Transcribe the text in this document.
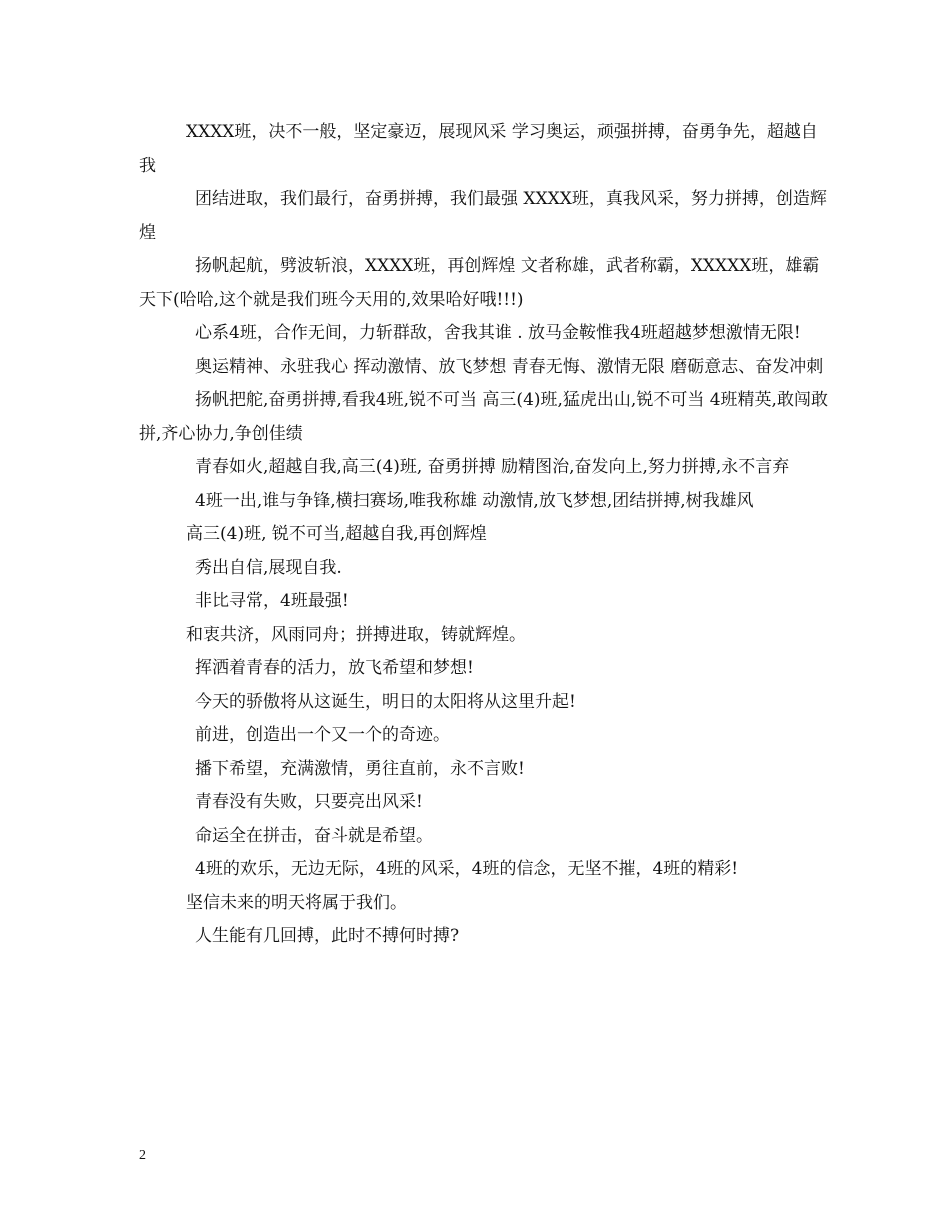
XXXX班，决不一般，坚定豪迈，展现风采 学习奥运，顽强拼搏，奋勇争先，超越自我

团结进取，我们最行，奋勇拼搏，我们最强 XXXX班，真我风采，努力拼搏，创造辉煌

扬帆起航，劈波斩浪，XXXX班，再创辉煌 文者称雄，武者称霸，XXXXX班，雄霸天下(哈哈,这个就是我们班今天用的,效果哈好哦!!!)

心系4班，合作无间，力斩群敌，舍我其谁 . 放马金鞍惟我4班超越梦想激情无限!

奥运精神、永驻我心 挥动激情、放飞梦想 青春无悔、激情无限 磨砺意志、奋发冲刺

扬帆把舵,奋勇拼搏,看我4班,锐不可当 高三(4)班,猛虎出山,锐不可当 4班精英,敢闯敢拼,齐心协力,争创佳绩

青春如火,超越自我,高三(4)班, 奋勇拼搏 励精图治,奋发向上,努力拼搏,永不言弃

4班一出,谁与争锋,横扫赛场,唯我称雄 动激情,放飞梦想,团结拼搏,树我雄风

高三(4)班, 锐不可当,超越自我,再创辉煌

秀出自信,展现自我.

非比寻常，4班最强!

和衷共济，风雨同舟；拼搏进取，铸就辉煌。

挥洒着青春的活力，放飞希望和梦想!

今天的骄傲将从这诞生，明日的太阳将从这里升起!

前进，创造出一个又一个的奇迹。

播下希望，充满激情，勇往直前，永不言败!

青春没有失败，只要亮出风采!

命运全在拼击，奋斗就是希望。

4班的欢乐，无边无际，4班的风采，4班的信念，无坚不摧，4班的精彩!

坚信未来的明天将属于我们。

人生能有几回搏，此时不搏何时搏?

2
